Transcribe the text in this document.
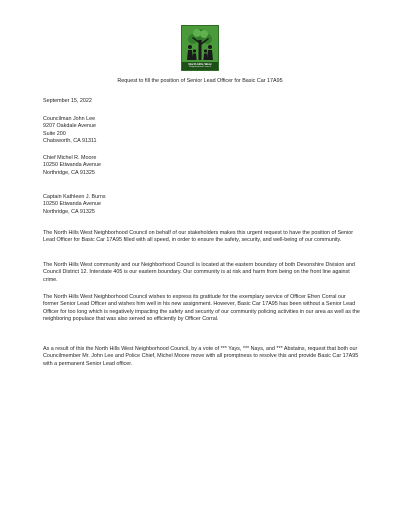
North Hills West
Neighborhood Council
Request to fill the position of Senior Lead Officer for Basic Car 17A95
September 15, 2022
Councilman John Lee
9207 Oakdale Avenue
Suite 200
Chatsworth, CA 91311
Chief Michel R. Moore
10250 Etiwanda Avenue
Northridge, CA 91325
Captain Kathleen J. Burns
10250 Etiwanda Avenue
Northridge, CA 91325

The North Hills West Neighborhood Council on behalf of our stakeholders makes this urgent request to have the position of Senior Lead Officer for Basic Car 17A95 filled with all speed, in order to ensure the safety, security, and well-being of our community.

The North Hills West community and our Neighborhood Council is located at the eastern boundary of both Devonshire Division and Council District 12. Interstate 405 is our eastern boundary. Our community is at risk and harm from being on the front line against crime.

The North Hills West Neighborhood Council wishes to express its gratitude for the exemplary service of Officer Efren Corral our former Senior Lead Officer and wishes him well in his new assignment. However, Basic Car 17A95 has been without a Senior Lead Officer for too long which is negatively impacting the safety and security of our community policing activities in our area as well as the neighboring populace that was also served so efficiently by Officer Corral.

As a result of this the North Hills West Neighborhood Council, by a vote of *** Yays, *** Nays, and *** Abstains, request that both our Councilmember Mr. John Lee and Police Chief, Michel Moore move with all promptness to resolve this and provide Basic Car 17A95 with a permanent Senior Lead officer.
